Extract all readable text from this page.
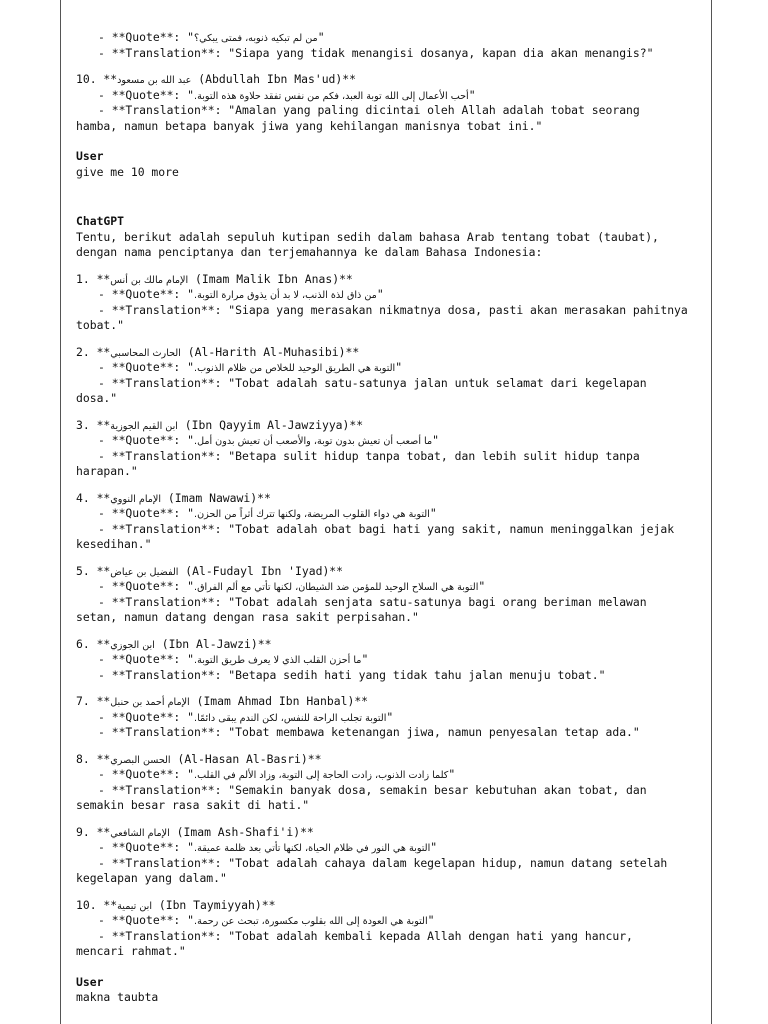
- **Quote**: "من لم تبكيه ذنوبه، فمتى يبكي؟"
- **Translation**: "Siapa yang tidak menangisi dosanya, kapan dia akan menangis?"
10. **عبد الله بن مسعود (Abdullah Ibn Mas'ud)**
- **Quote**: "أحب الأعمال إلى الله توبة العبد، فكم من نفس تفقد حلاوة هذه التوبة."
- **Translation**: "Amalan yang paling dicintai oleh Allah adalah tobat seorang
hamba, namun betapa banyak jiwa yang kehilangan manisnya tobat ini."
User
give me 10 more
ChatGPT
Tentu, berikut adalah sepuluh kutipan sedih dalam bahasa Arab tentang tobat (taubat),
dengan nama penciptanya dan terjemahannya ke dalam Bahasa Indonesia:
1. **الإمام مالك بن أنس (Imam Malik Ibn Anas)**
- **Quote**: "من ذاق لذة الذنب، لا بد أن يذوق مرارة التوبة."
- **Translation**: "Siapa yang merasakan nikmatnya dosa, pasti akan merasakan pahitnya
tobat."
2. **الحارث المحاسبي (Al-Harith Al-Muhasibi)**
- **Quote**: "التوبة هي الطريق الوحيد للخلاص من ظلام الذنوب."
- **Translation**: "Tobat adalah satu-satunya jalan untuk selamat dari kegelapan
dosa."
3. **ابن القيم الجوزية (Ibn Qayyim Al-Jawziyya)**
- **Quote**: "ما أصعب أن تعيش بدون توبة، والأصعب أن تعيش بدون أمل."
- **Translation**: "Betapa sulit hidup tanpa tobat, dan lebih sulit hidup tanpa
harapan."
4. **الإمام النووي (Imam Nawawi)**
- **Quote**: "التوبة هي دواء القلوب المريضة، ولكنها تترك أثراً من الحزن."
- **Translation**: "Tobat adalah obat bagi hati yang sakit, namun meninggalkan jejak
kesedihan."
5. **الفضيل بن عياض (Al-Fudayl Ibn 'Iyad)**
- **Quote**: "التوبة هي السلاح الوحيد للمؤمن ضد الشيطان، لكنها تأتي مع ألم الفراق."
- **Translation**: "Tobat adalah senjata satu-satunya bagi orang beriman melawan
setan, namun datang dengan rasa sakit perpisahan."
6. **ابن الجوزي (Ibn Al-Jawzi)**
- **Quote**: "ما أحزن القلب الذي لا يعرف طريق التوبة."
- **Translation**: "Betapa sedih hati yang tidak tahu jalan menuju tobat."
7. **الإمام أحمد بن حنبل (Imam Ahmad Ibn Hanbal)**
- **Quote**: "التوبة تجلب الراحة للنفس، لكن الندم يبقى دائمًا."
- **Translation**: "Tobat membawa ketenangan jiwa, namun penyesalan tetap ada."
8. **الحسن البصري (Al-Hasan Al-Basri)**
- **Quote**: "كلما زادت الذنوب، زادت الحاجة إلى التوبة، وزاد الألم في القلب."
- **Translation**: "Semakin banyak dosa, semakin besar kebutuhan akan tobat, dan
semakin besar rasa sakit di hati."
9. **الإمام الشافعي (Imam Ash-Shafi'i)**
- **Quote**: "التوبة هي النور في ظلام الحياة، لكنها تأتي بعد ظلمة عميقة."
- **Translation**: "Tobat adalah cahaya dalam kegelapan hidup, namun datang setelah
kegelapan yang dalam."
10. **ابن تيمية (Ibn Taymiyyah)**
- **Quote**: "التوبة هي العودة إلى الله بقلوب مكسورة، تبحث عن رحمة."
- **Translation**: "Tobat adalah kembali kepada Allah dengan hati yang hancur,
mencari rahmat."
User
makna taubta
